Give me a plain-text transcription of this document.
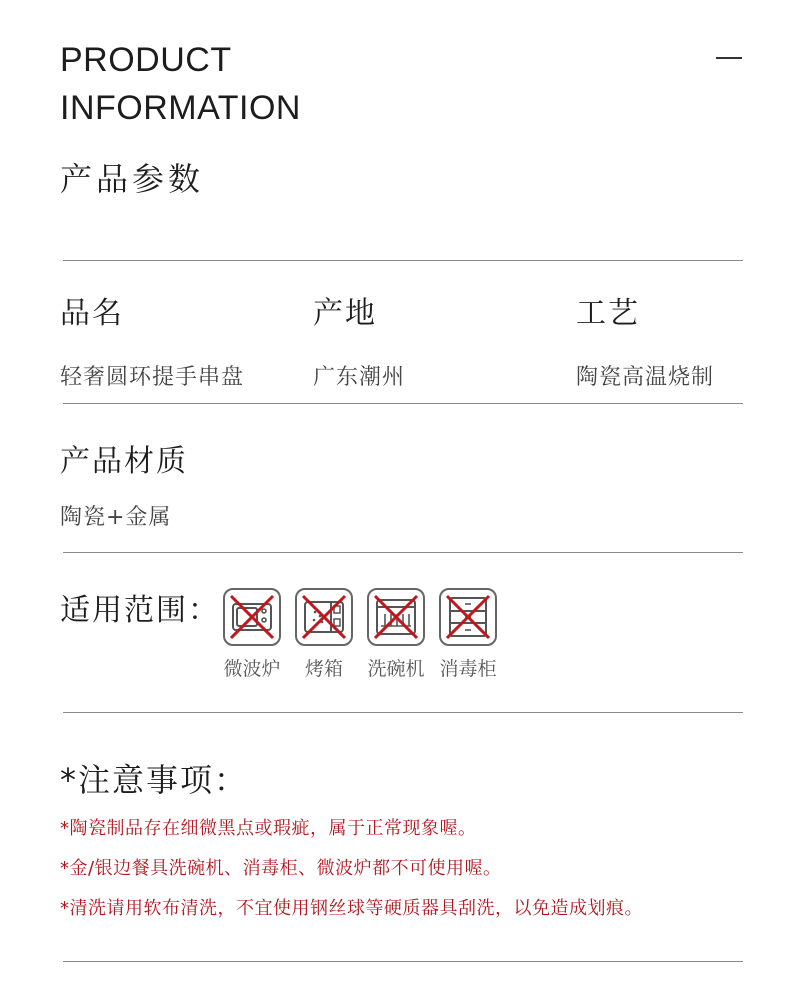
PRODUCT
INFORMATION
产品参数
品名
轻奢圆环提手串盘
产地
广东潮州
工艺
陶瓷高温烧制
产品材质
陶瓷+金属
适用范围：
微波炉 烤箱 洗碗机 消毒柜
*注意事项：
*陶瓷制品存在细微黑点或瑕疵，属于正常现象喔。
*金/银边餐具洗碗机、消毒柜、微波炉都不可使用喔。
*清洗请用软布清洗，不宜使用钢丝球等硬质器具刮洗，以免造成划痕。
